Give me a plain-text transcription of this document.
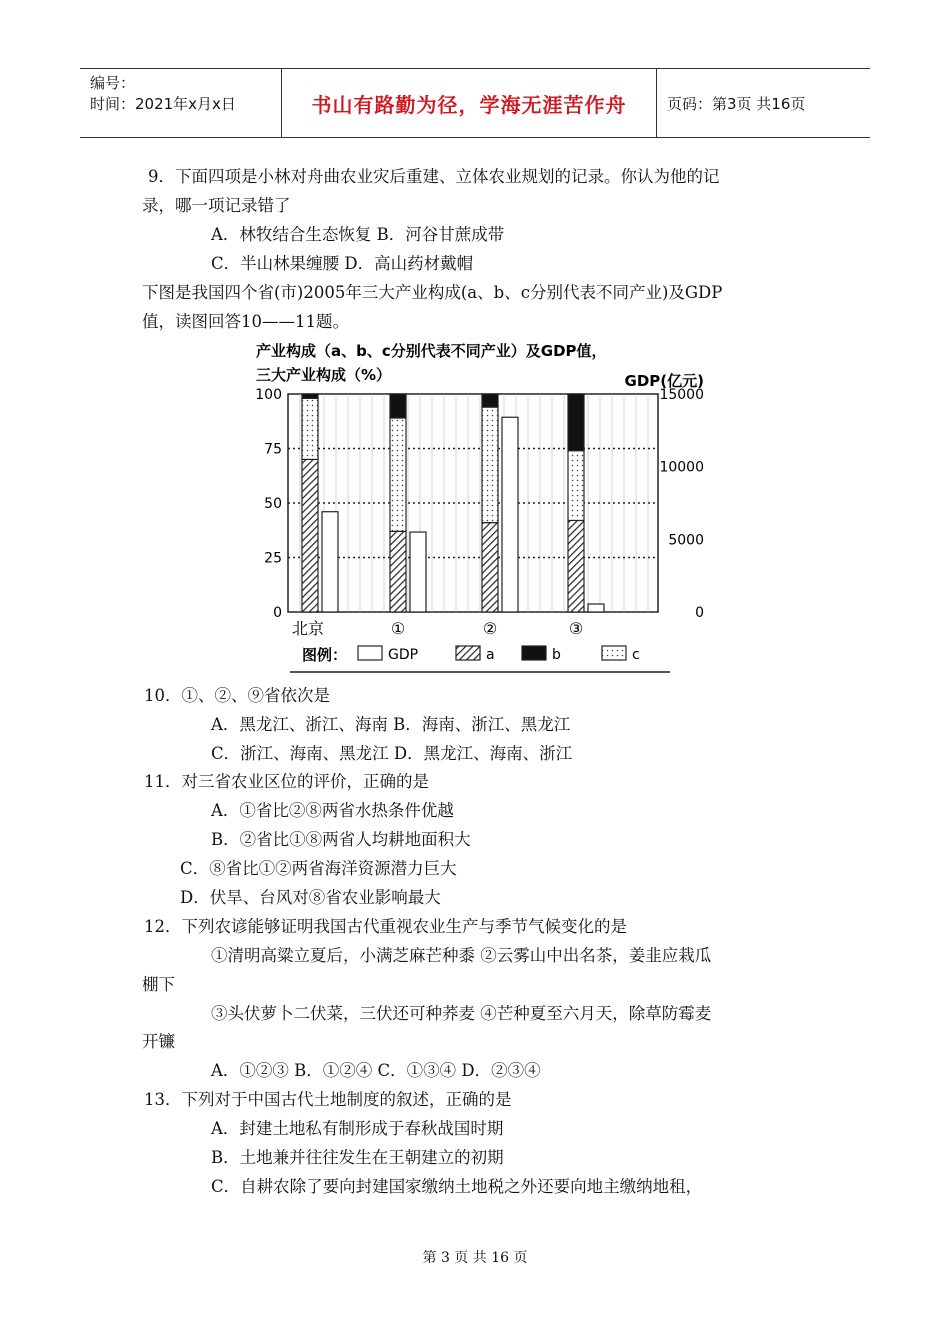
编号：
时间：2021年x月x日	书山有路勤为径，学海无涯苦作舟	页码：第3页 共16页
9．下面四项是小林对舟曲农业灾后重建、立体农业规划的记录。你认为他的记
录，哪一项记录错了
A．林牧结合生态恢复 B．河谷甘蔗成带
C．半山林果缠腰 D．高山药材戴帽
下图是我国四个省(市)2005年三大产业构成(a、b、c分别代表不同产业)及GDP
值，读图回答10——11题。
产业构成（a、b、c分别代表不同产业）及GDP值，
三大产业构成（%）	GDP(亿元)
100
75
50
25
0
15000
10000
5000
0
北京	①	②	③
图例：	GDP	a	b	c
10．①、②、⑨省依次是
A．黑龙江、浙江、海南 B．海南、浙江、黑龙江
C．浙江、海南、黑龙江 D．黑龙江、海南、浙江
11．对三省农业区位的评价，正确的是
A．①省比②⑧两省水热条件优越
B．②省比①⑧两省人均耕地面积大
C．⑧省比①②两省海洋资源潜力巨大
D．伏旱、台风对⑧省农业影响最大
12．下列农谚能够证明我国古代重视农业生产与季节气候变化的是
①清明高粱立夏后，小满芝麻芒种黍 ②云雾山中出名茶，姜韭应栽瓜
棚下
③头伏萝卜二伏菜，三伏还可种荞麦 ④芒种夏至六月天，除草防霉麦
开镰
A．①②③ B．①②④ C．①③④ D．②③④
13．下列对于中国古代土地制度的叙述，正确的是
A．封建土地私有制形成于春秋战国时期
B．土地兼并往往发生在王朝建立的初期
C．自耕农除了要向封建国家缴纳土地税之外还要向地主缴纳地租，
第 3 页 共 16 页
